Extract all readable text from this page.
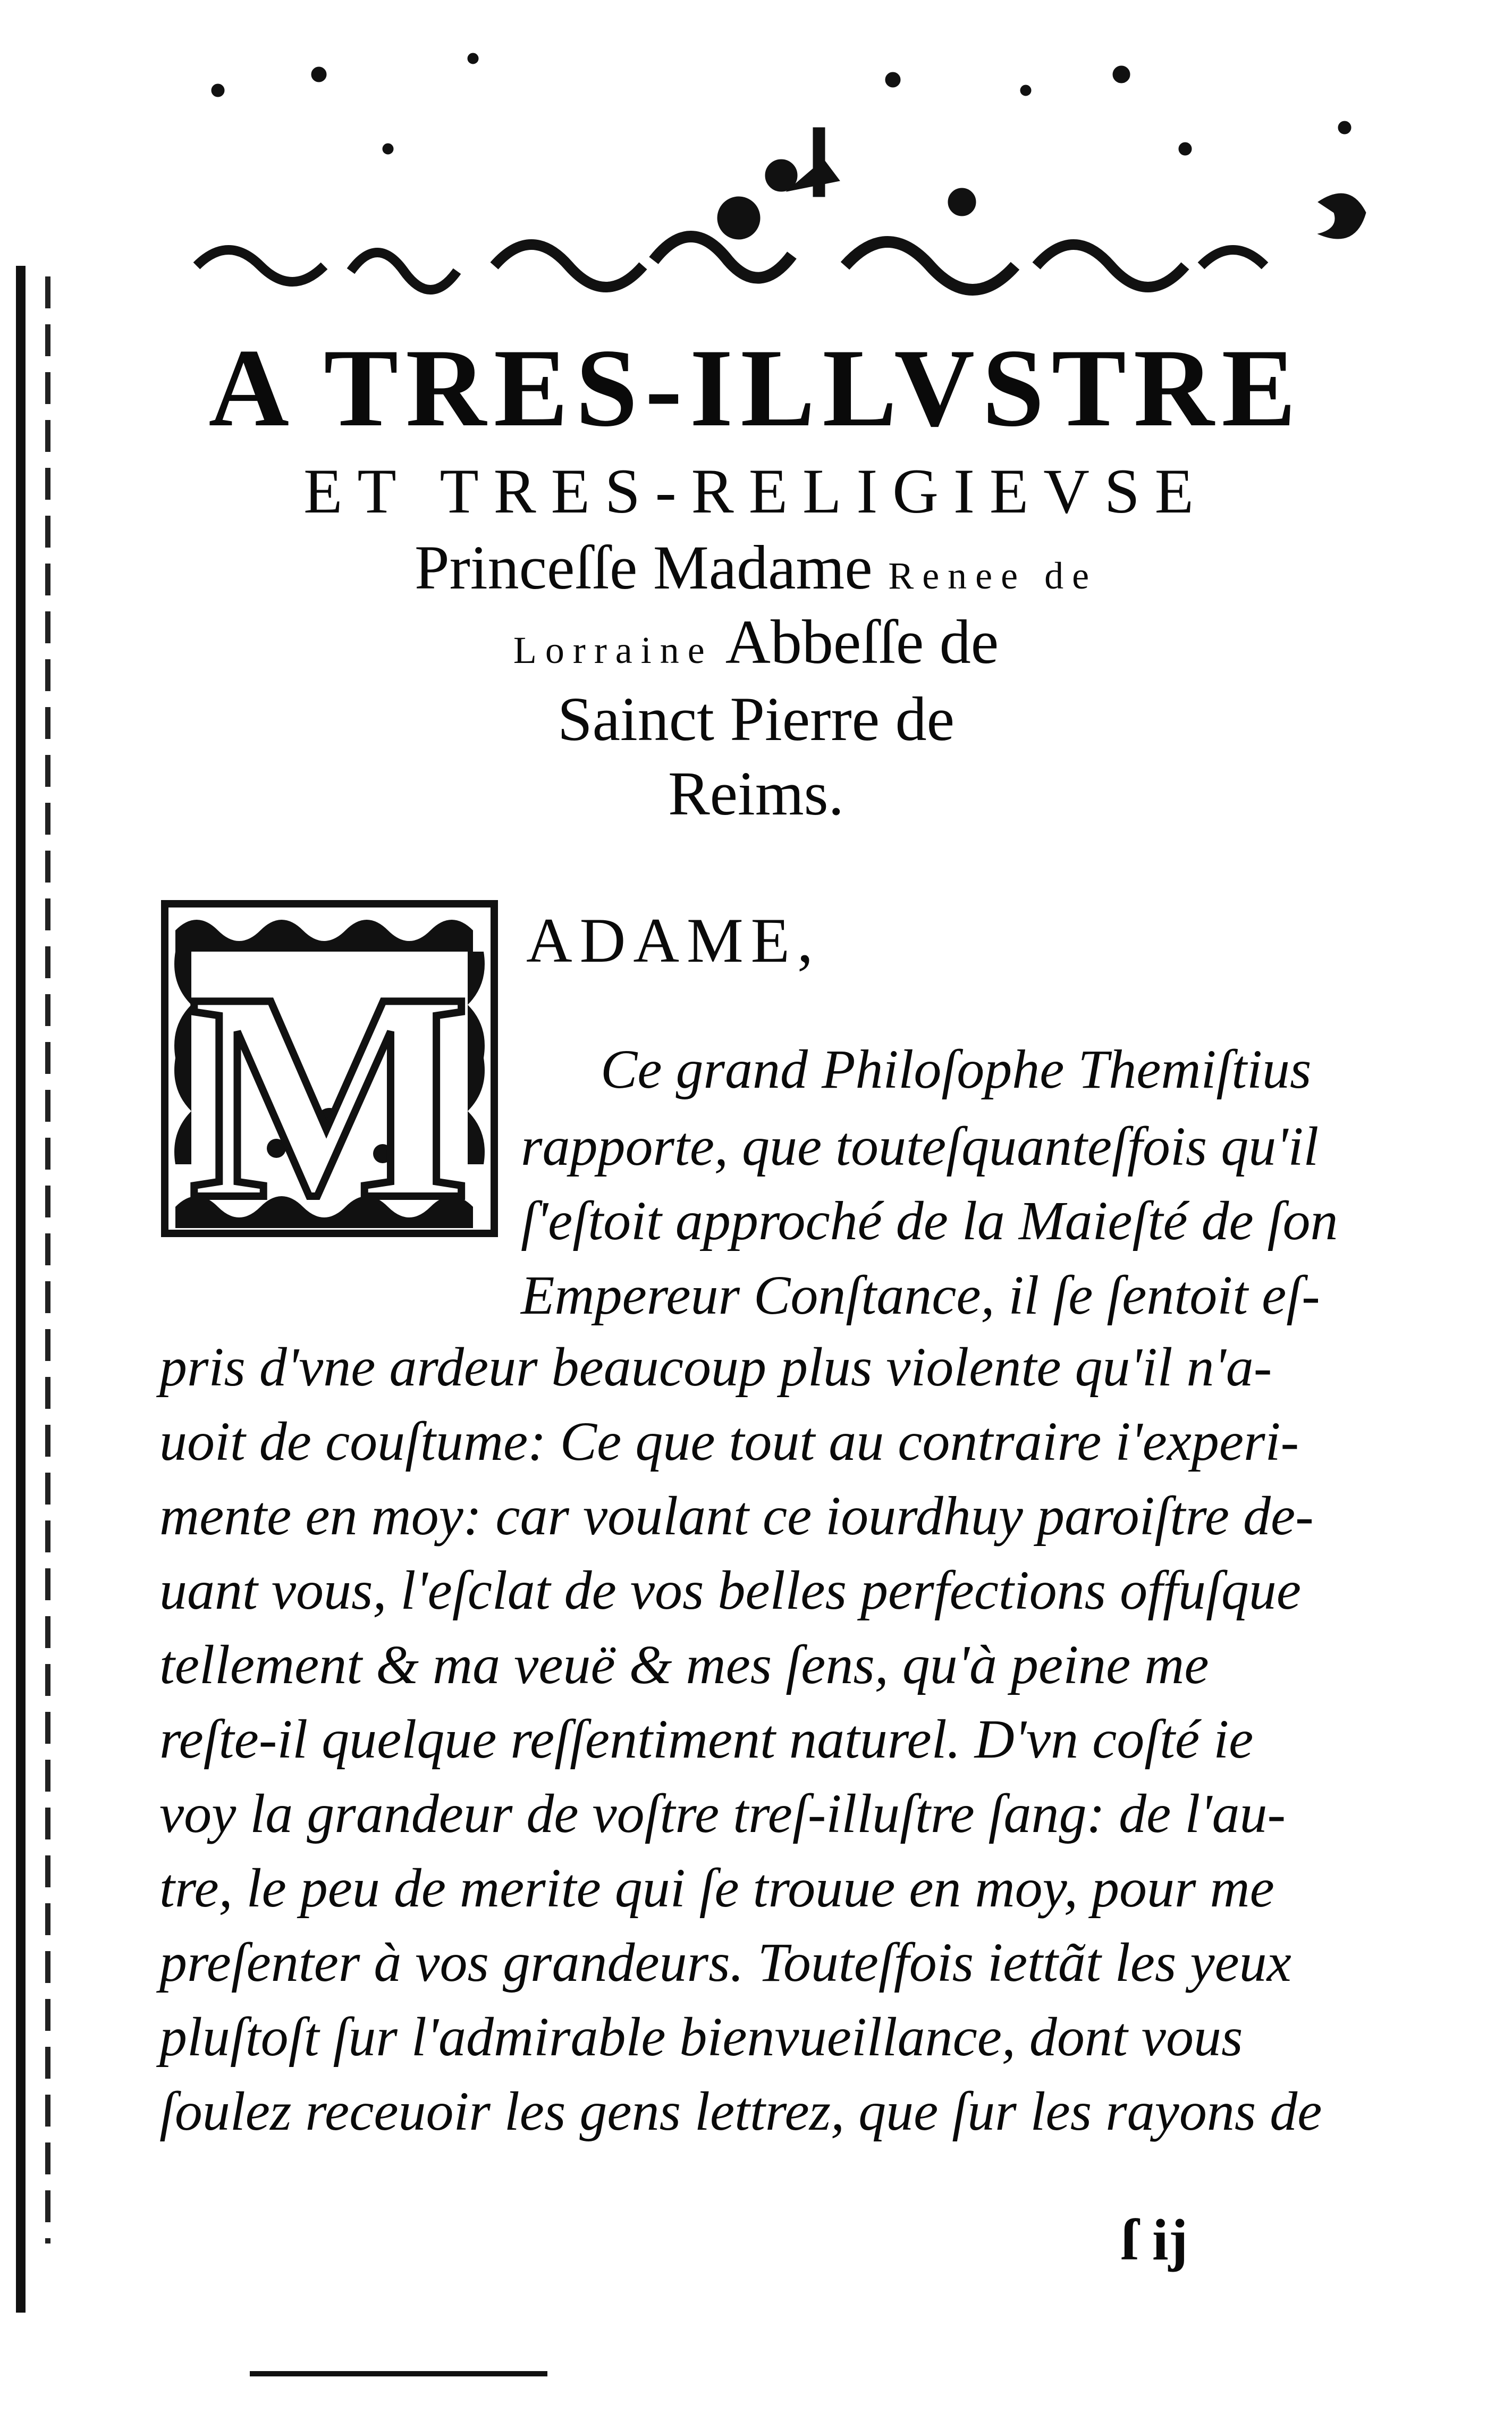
A TRES-ILLVSTRE
ET TRES-RELIGIEVSE
Princeſſe Madame Renee de
Lorraine Abbeſſe de
Sainct Pierre de
Reims.
M ADAME,

Ce grand Philoſophe Themiſtius

rapporte, que touteſquanteſfois qu'il

ſ'eſtoit approché de la Maieſté de ſon

Empereur Conſtance, il ſe ſentoit eſ-

pris d'vne ardeur beaucoup plus violente qu'il n'a-

uoit de couſtume: Ce que tout au contraire i'experi-

mente en moy: car voulant ce iourdhuy paroiſtre de-

uant vous, l'eſclat de vos belles perfections offuſque

tellement & ma veuë & mes ſens, qu'à peine me

reſte-il quelque reſſentiment naturel. D'vn coſté ie

voy la grandeur de voſtre treſ-illuſtre ſang: de l'au-

tre, le peu de merite qui ſe trouue en moy, pour me

preſenter à vos grandeurs. Touteſfois iettãt les yeux

pluſtoſt ſur l'admirable bienvueillance, dont vous

ſoulez receuoir les gens lettrez, que ſur les rayons de

ſ ij
